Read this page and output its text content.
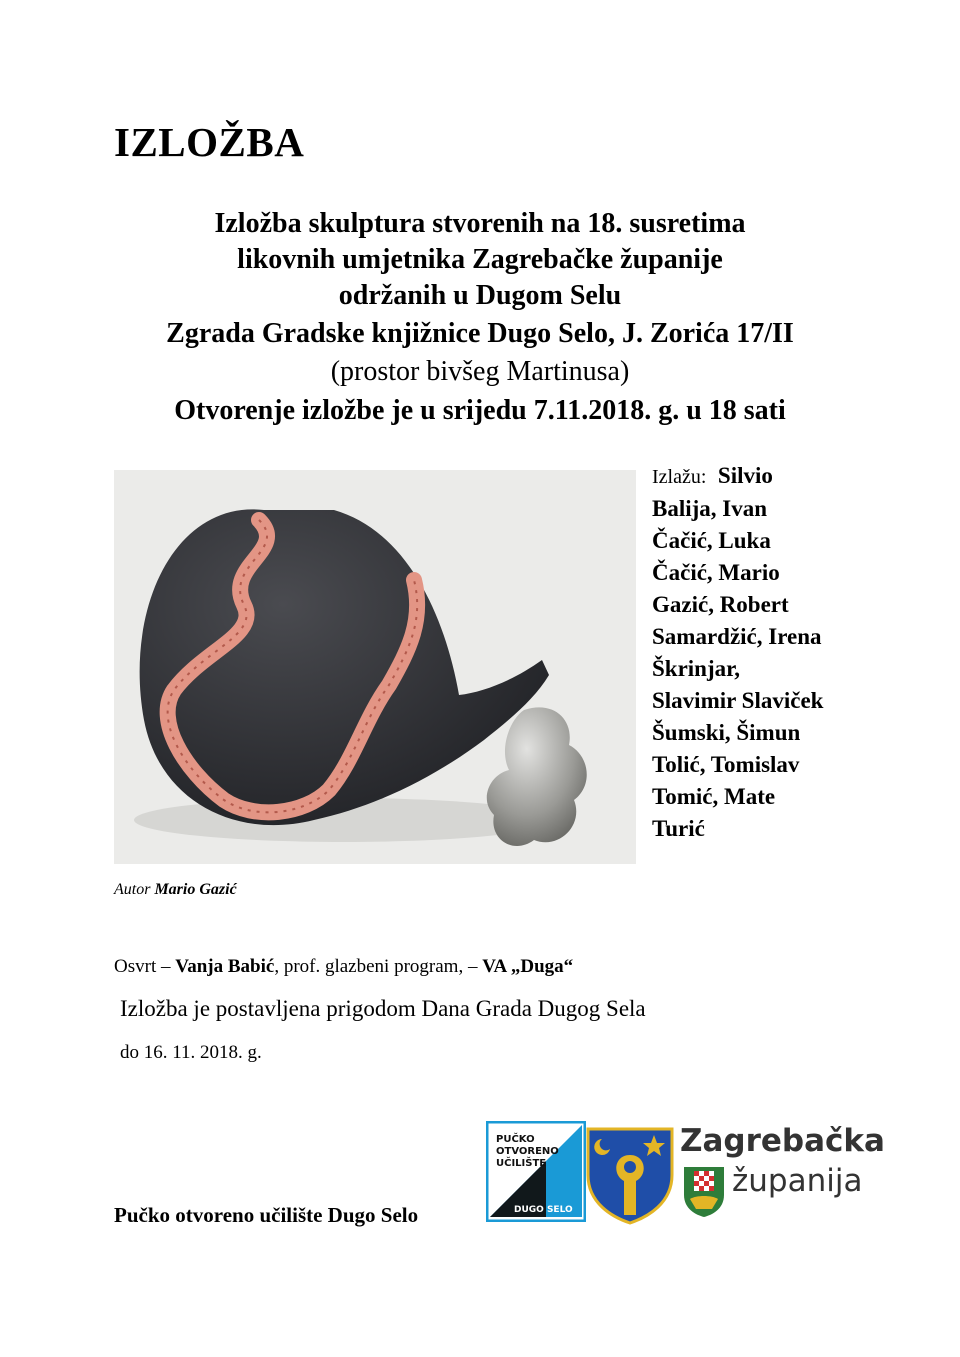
IZLOŽBA
Izložba skulptura stvorenih na 18. susretima
likovnih umjetnika Zagrebačke županije
održanih u Dugom Selu
Zgrada Gradske knjižnice Dugo Selo, J. Zorića 17/II
(prostor bivšeg Martinusa)
Otvorenje izložbe je u srijedu 7.11.2018. g. u 18 sati
Izlažu: Silvio
Balija, Ivan
Čačić, Luka
Čačić, Mario
Gazić, Robert
Samardžić, Irena
Škrinjar,
Slavimir Slaviček
Šumski, Šimun
Tolić, Tomislav
Tomić, Mate
Turić
Autor Mario Gazić
Osvrt – Vanja Babić, prof. glazbeni program, – VA „Duga“
Izložba je postavljena prigodom Dana Grada Dugog Sela
do 16. 11. 2018. g.
Pučko otvoreno učilište Dugo Selo
PUČKO
OTVORENO
UČILIŠTE
DUGO SELO
Zagrebačka
županija
